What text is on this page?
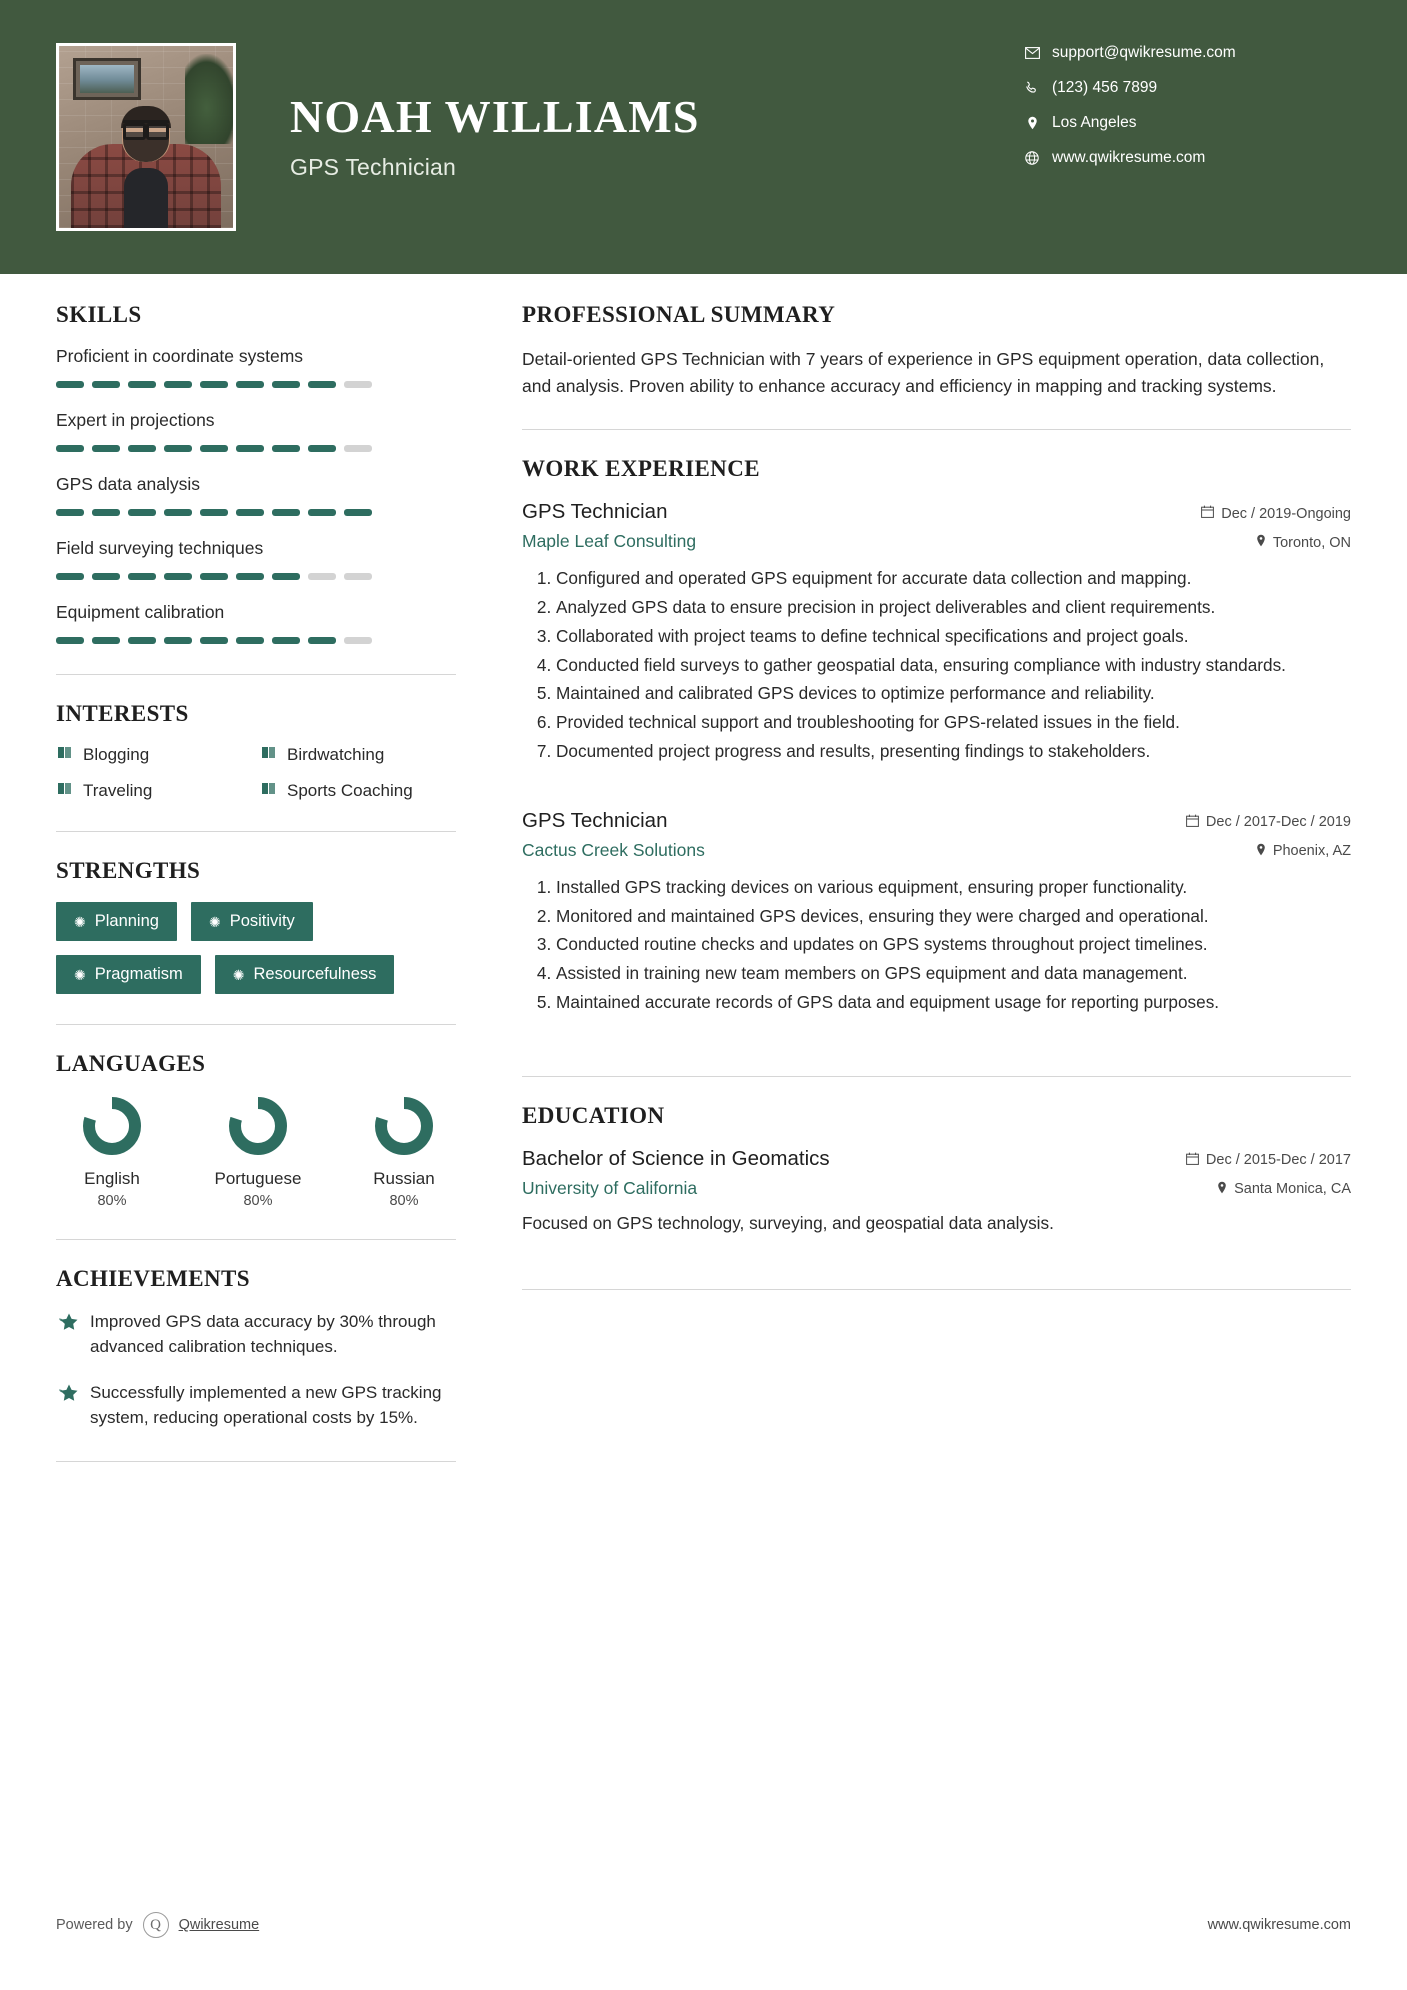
NOAH WILLIAMS
GPS Technician
support@qwikresume.com
(123) 456 7899
Los Angeles
www.qwikresume.com
SKILLS
Proficient in coordinate systems
Expert in projections
GPS data analysis
Field surveying techniques
Equipment calibration
INTERESTS
Blogging	Birdwatching
Traveling	Sports Coaching
STRENGTHS
✺ Planning	✺ Positivity
✺ Pragmatism	✺ Resourcefulness
LANGUAGES
English
80%
Portuguese
80%
Russian
80%
ACHIEVEMENTS
Improved GPS data accuracy by 30% through advanced calibration techniques.
Successfully implemented a new GPS tracking system, reducing operational costs by 15%.
PROFESSIONAL SUMMARY
Detail-oriented GPS Technician with 7 years of experience in GPS equipment operation, data collection, and analysis. Proven ability to enhance accuracy and efficiency in mapping and tracking systems.
WORK EXPERIENCE
GPS Technician	Dec / 2019-Ongoing
Maple Leaf Consulting	Toronto, ON
1. Configured and operated GPS equipment for accurate data collection and mapping.
2. Analyzed GPS data to ensure precision in project deliverables and client requirements.
3. Collaborated with project teams to define technical specifications and project goals.
4. Conducted field surveys to gather geospatial data, ensuring compliance with industry standards.
5. Maintained and calibrated GPS devices to optimize performance and reliability.
6. Provided technical support and troubleshooting for GPS-related issues in the field.
7. Documented project progress and results, presenting findings to stakeholders.
GPS Technician	Dec / 2017-Dec / 2019
Cactus Creek Solutions	Phoenix, AZ
1. Installed GPS tracking devices on various equipment, ensuring proper functionality.
2. Monitored and maintained GPS devices, ensuring they were charged and operational.
3. Conducted routine checks and updates on GPS systems throughout project timelines.
4. Assisted in training new team members on GPS equipment and data management.
5. Maintained accurate records of GPS data and equipment usage for reporting purposes.
EDUCATION
Bachelor of Science in Geomatics	Dec / 2015-Dec / 2017
University of California	Santa Monica, CA
Focused on GPS technology, surveying, and geospatial data analysis.
Powered by Q Qwikresume	www.qwikresume.com
